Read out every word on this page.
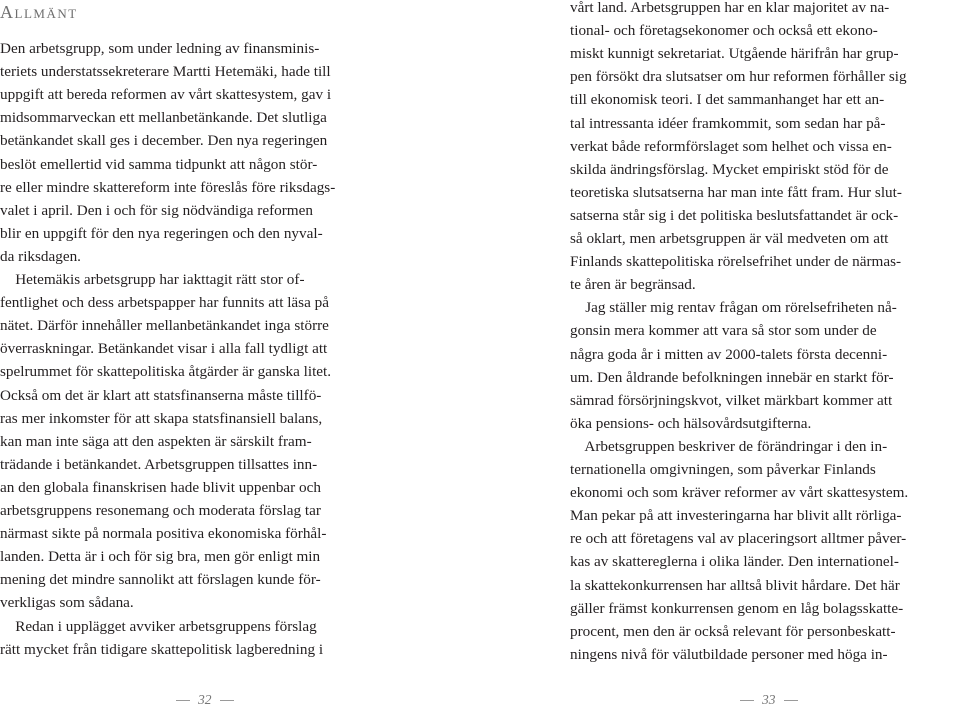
Allmänt
Den arbetsgrupp, som under ledning av finansminis-
teriets understatssekreterare Martti Hetemäki, hade till
uppgift att bereda reformen av vårt skattesystem, gav i
midsommarveckan ett mellanbetänkande. Det slutliga
betänkandet skall ges i december. Den nya regeringen
beslöt emellertid vid samma tidpunkt att någon stör-
re eller mindre skattereform inte föreslås före riksdags-
valet i april. Den i och för sig nödvändiga reformen
blir en uppgift för den nya regeringen och den nyval-
da riksdagen.
Hetemäkis arbetsgrupp har iakttagit rätt stor of-
fentlighet och dess arbetspapper har funnits att läsa på
nätet. Därför innehåller mellanbetänkandet inga större
överraskningar. Betänkandet visar i alla fall tydligt att
spelrummet för skattepolitiska åtgärder är ganska litet.
Också om det är klart att statsfinanserna måste tillfö-
ras mer inkomster för att skapa statsfinansiell balans,
kan man inte säga att den aspekten är särskilt fram-
trädande i betänkandet. Arbetsgruppen tillsattes inn-
an den globala finanskrisen hade blivit uppenbar och
arbetsgruppens resonemang och moderata förslag tar
närmast sikte på normala positiva ekonomiska förhål-
landen. Detta är i och för sig bra, men gör enligt min
mening det mindre sannolikt att förslagen kunde för-
verkligas som sådana.
Redan i upplägget avviker arbetsgruppens förslag
rätt mycket från tidigare skattepolitisk lagberedning i
32
vårt land. Arbetsgruppen har en klar majoritet av na-
tional- och företagsekonomer och också ett ekono-
miskt kunnigt sekretariat. Utgående härifrån har grup-
pen försökt dra slutsatser om hur reformen förhåller sig
till ekonomisk teori. I det sammanhanget har ett an-
tal intressanta idéer framkommit, som sedan har på-
verkat både reformförslaget som helhet och vissa en-
skilda ändringsförslag. Mycket empiriskt stöd för de
teoretiska slutsatserna har man inte fått fram. Hur slut-
satserna står sig i det politiska beslutsfattandet är ock-
så oklart, men arbetsgruppen är väl medveten om att
Finlands skattepolitiska rörelsefrihet under de närmas-
te åren är begränsad.
Jag ställer mig rentav frågan om rörelsefriheten nå-
gonsin mera kommer att vara så stor som under de
några goda år i mitten av 2000-talets första decenni-
um. Den åldrande befolkningen innebär en starkt för-
sämrad försörjningskvot, vilket märkbart kommer att
öka pensions- och hälsovårdsutgifterna.
Arbetsgruppen beskriver de förändringar i den in-
ternationella omgivningen, som påverkar Finlands
ekonomi och som kräver reformer av vårt skattesystem.
Man pekar på att investeringarna har blivit allt rörliga-
re och att företagens val av placeringsort alltmer påver-
kas av skattereglerna i olika länder. Den internationel-
la skattekonkurrensen har alltså blivit hårdare. Det här
gäller främst konkurrensen genom en låg bolagsskatte-
procent, men den är också relevant för personbeskatt-
ningens nivå för välutbildade personer med höga in-
33
